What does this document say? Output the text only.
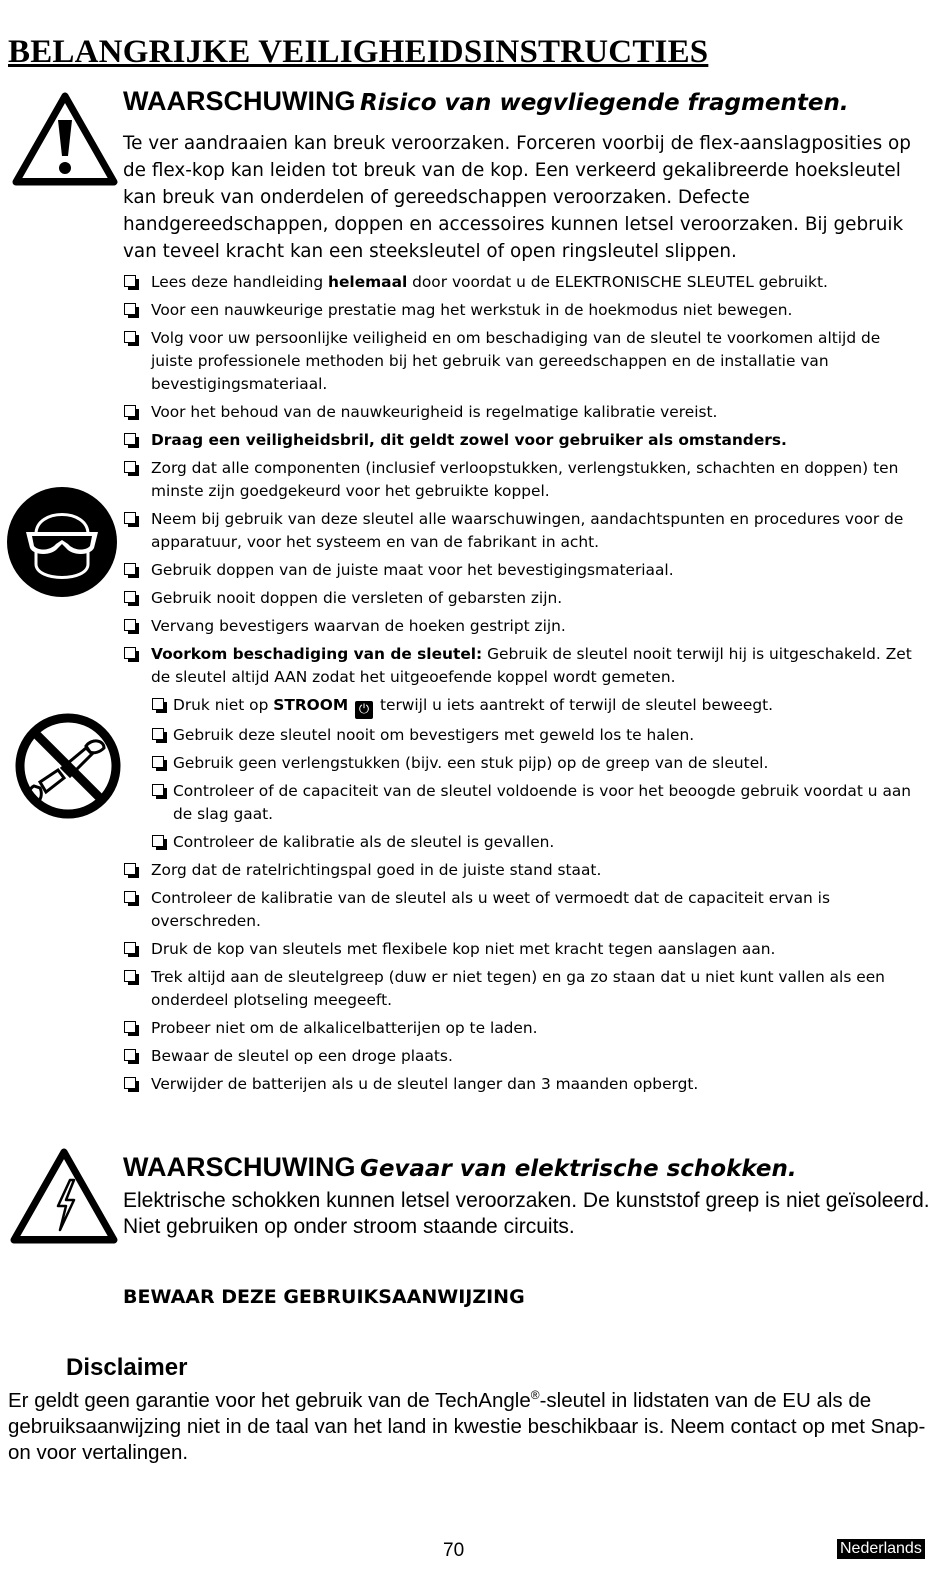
BELANGRIJKE VEILIGHEIDSINSTRUCTIES
WAARSCHUWING Risico van wegvliegende fragmenten.
Te ver aandraaien kan breuk veroorzaken. Forceren voorbij de flex-aanslagposities op de flex-kop kan leiden tot breuk van de kop. Een verkeerd gekalibreerde hoeksleutel kan breuk van onderdelen of gereedschappen veroorzaken. Defecte handgereedschappen, doppen en accessoires kunnen letsel veroorzaken. Bij gebruik van teveel kracht kan een steeksleutel of open ringsleutel slippen.
Lees deze handleiding helemaal door voordat u de ELEKTRONISCHE SLEUTEL gebruikt.
Voor een nauwkeurige prestatie mag het werkstuk in de hoekmodus niet bewegen.
Volg voor uw persoonlijke veiligheid en om beschadiging van de sleutel te voorkomen altijd de juiste professionele methoden bij het gebruik van gereedschappen en de installatie van bevestigingsmateriaal.
Voor het behoud van de nauwkeurigheid is regelmatige kalibratie vereist.
Draag een veiligheidsbril, dit geldt zowel voor gebruiker als omstanders.
Zorg dat alle componenten (inclusief verloopstukken, verlengstukken, schachten en doppen) ten minste zijn goedgekeurd voor het gebruikte koppel.
Neem bij gebruik van deze sleutel alle waarschuwingen, aandachtspunten en procedures voor de apparatuur, voor het systeem en van de fabrikant in acht.
Gebruik doppen van de juiste maat voor het bevestigingsmateriaal.
Gebruik nooit doppen die versleten of gebarsten zijn.
Vervang bevestigers waarvan de hoeken gestript zijn.
Voorkom beschadiging van de sleutel: Gebruik de sleutel nooit terwijl hij is uitgeschakeld. Zet de sleutel altijd AAN zodat het uitgeoefende koppel wordt gemeten.
Druk niet op STROOM ⏻ terwijl u iets aantrekt of terwijl de sleutel beweegt.
Gebruik deze sleutel nooit om bevestigers met geweld los te halen.
Gebruik geen verlengstukken (bijv. een stuk pijp) op de greep van de sleutel.
Controleer of de capaciteit van de sleutel voldoende is voor het beoogde gebruik voordat u aan de slag gaat.
Controleer de kalibratie als de sleutel is gevallen.
Zorg dat de ratelrichtingspal goed in de juiste stand staat.
Controleer de kalibratie van de sleutel als u weet of vermoedt dat de capaciteit ervan is overschreden.
Druk de kop van sleutels met flexibele kop niet met kracht tegen aanslagen aan.
Trek altijd aan de sleutelgreep (duw er niet tegen) en ga zo staan dat u niet kunt vallen als een onderdeel plotseling meegeeft.
Probeer niet om de alkalicelbatterijen op te laden.
Bewaar de sleutel op een droge plaats.
Verwijder de batterijen als u de sleutel langer dan 3 maanden opbergt.
WAARSCHUWING Gevaar van elektrische schokken.
Elektrische schokken kunnen letsel veroorzaken. De kunststof greep is niet geïsoleerd.
Niet gebruiken op onder stroom staande circuits.
BEWAAR DEZE GEBRUIKSAANWIJZING
Disclaimer
Er geldt geen garantie voor het gebruik van de TechAngle®-sleutel in lidstaten van de EU als de gebruiksaanwijzing niet in de taal van het land in kwestie beschikbaar is. Neem contact op met Snap-on voor vertalingen.
70	Nederlands
